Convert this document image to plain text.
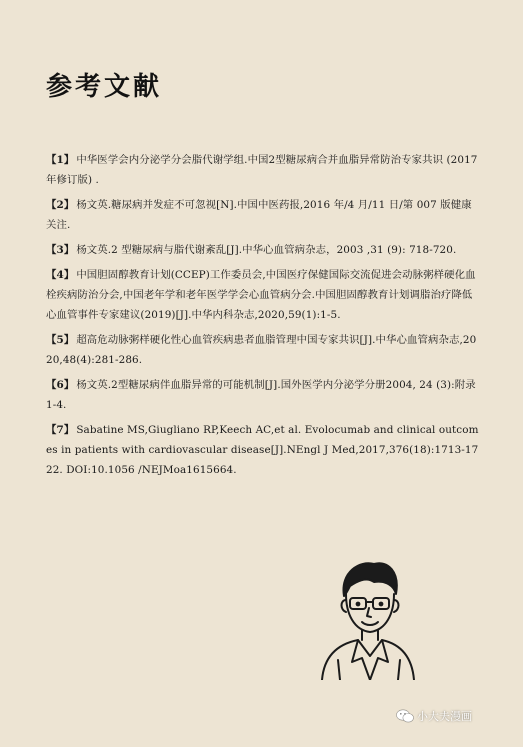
参考文献

【1】 中华医学会内分泌学分会脂代谢学组.中国2型糖尿病合并血脂异常防治专家共识 (2017年修订版) .

【2】 杨文英.糖尿病并发症不可忽视[N].中国中医药报,2016 年/4 月/11 日/第 007 版健康关注.

【3】 杨文英.2 型糖尿病与脂代谢紊乱[J].中华心血管病杂志，2003 ,31 (9): 718-720.

【4】 中国胆固醇教育计划(CCEP)工作委员会,中国医疗保健国际交流促进会动脉粥样硬化血栓疾病防治分会,中国老年学和老年医学学会心血管病分会.中国胆固醇教育计划调脂治疗降低心血管事件专家建议(2019)[J].中华内科杂志,2020,59(1):1-5.

【5】 超高危动脉粥样硬化性心血管疾病患者血脂管理中国专家共识[J].中华心血管病杂志,2020,48(4):281-286.

【6】 杨文英.2型糖尿病伴血脂异常的可能机制[J].国外医学内分泌学分册2004, 24 (3):附录1-4.

【7】 Sabatine MS,Giugliano RP,Keech AC,et al. Evolocumab and clinical outcomes in patients with cardiovascular disease[J].NEngl J Med,2017,376(18):1713-1722. DOI:10.1056 /NEJMoa1615664.

小大夫漫画
